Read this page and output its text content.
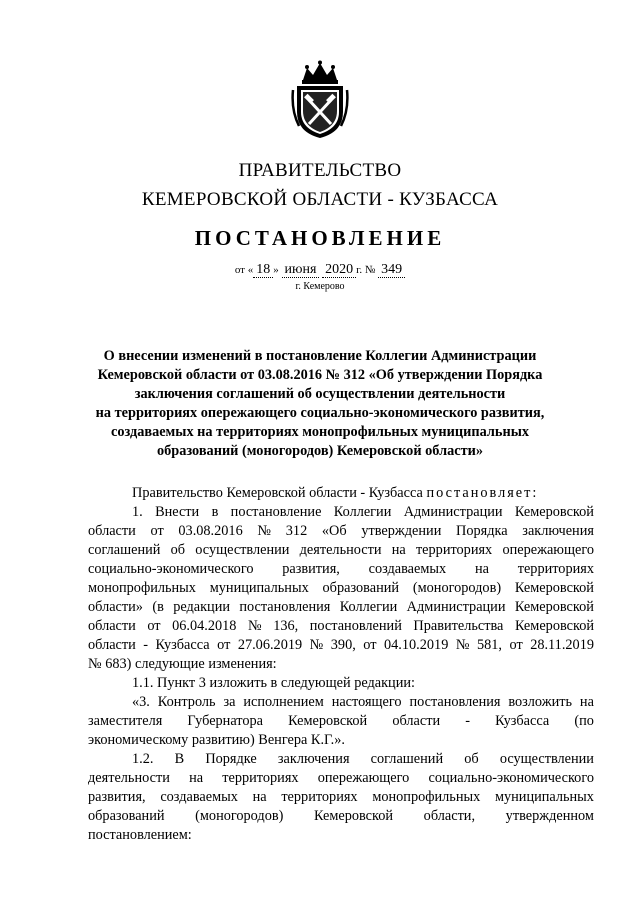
ПРАВИТЕЛЬСТВО
КЕМЕРОВСКОЙ ОБЛАСТИ - КУЗБАССА
ПОСТАНОВЛЕНИЕ
от « 18 » июня 2020 г. № 349
г. Кемерово
О внесении изменений в постановление Коллегии Администрации
Кемеровской области от 03.08.2016 № 312 «Об утверждении Порядка
заключения соглашений об осуществлении деятельности
на территориях опережающего социально-экономического развития,
создаваемых на территориях монопрофильных муниципальных
образований (моногородов) Кемеровской области»
Правительство Кемеровской области - Кузбасса постановляет:
1. Внести в постановление Коллегии Администрации Кемеровской
области от 03.08.2016 № 312 «Об утверждении Порядка заключения
соглашений об осуществлении деятельности на территориях опережающего
социально-экономического развития, создаваемых на территориях
монопрофильных муниципальных образований (моногородов) Кемеровской
области» (в редакции постановления Коллегии Администрации Кемеровской
области от 06.04.2018 № 136, постановлений Правительства Кемеровской
области - Кузбасса от 27.06.2019 № 390, от 04.10.2019 № 581, от 28.11.2019
№ 683) следующие изменения:
1.1. Пункт 3 изложить в следующей редакции:
«3. Контроль за исполнением настоящего постановления возложить на
заместителя Губернатора Кемеровской области - Кузбасса (по
экономическому развитию) Венгера К.Г.».
1.2. В Порядке заключения соглашений об осуществлении
деятельности на территориях опережающего социально-экономического
развития, создаваемых на территориях монопрофильных муниципальных
образований (моногородов) Кемеровской области, утвержденном
постановлением:
